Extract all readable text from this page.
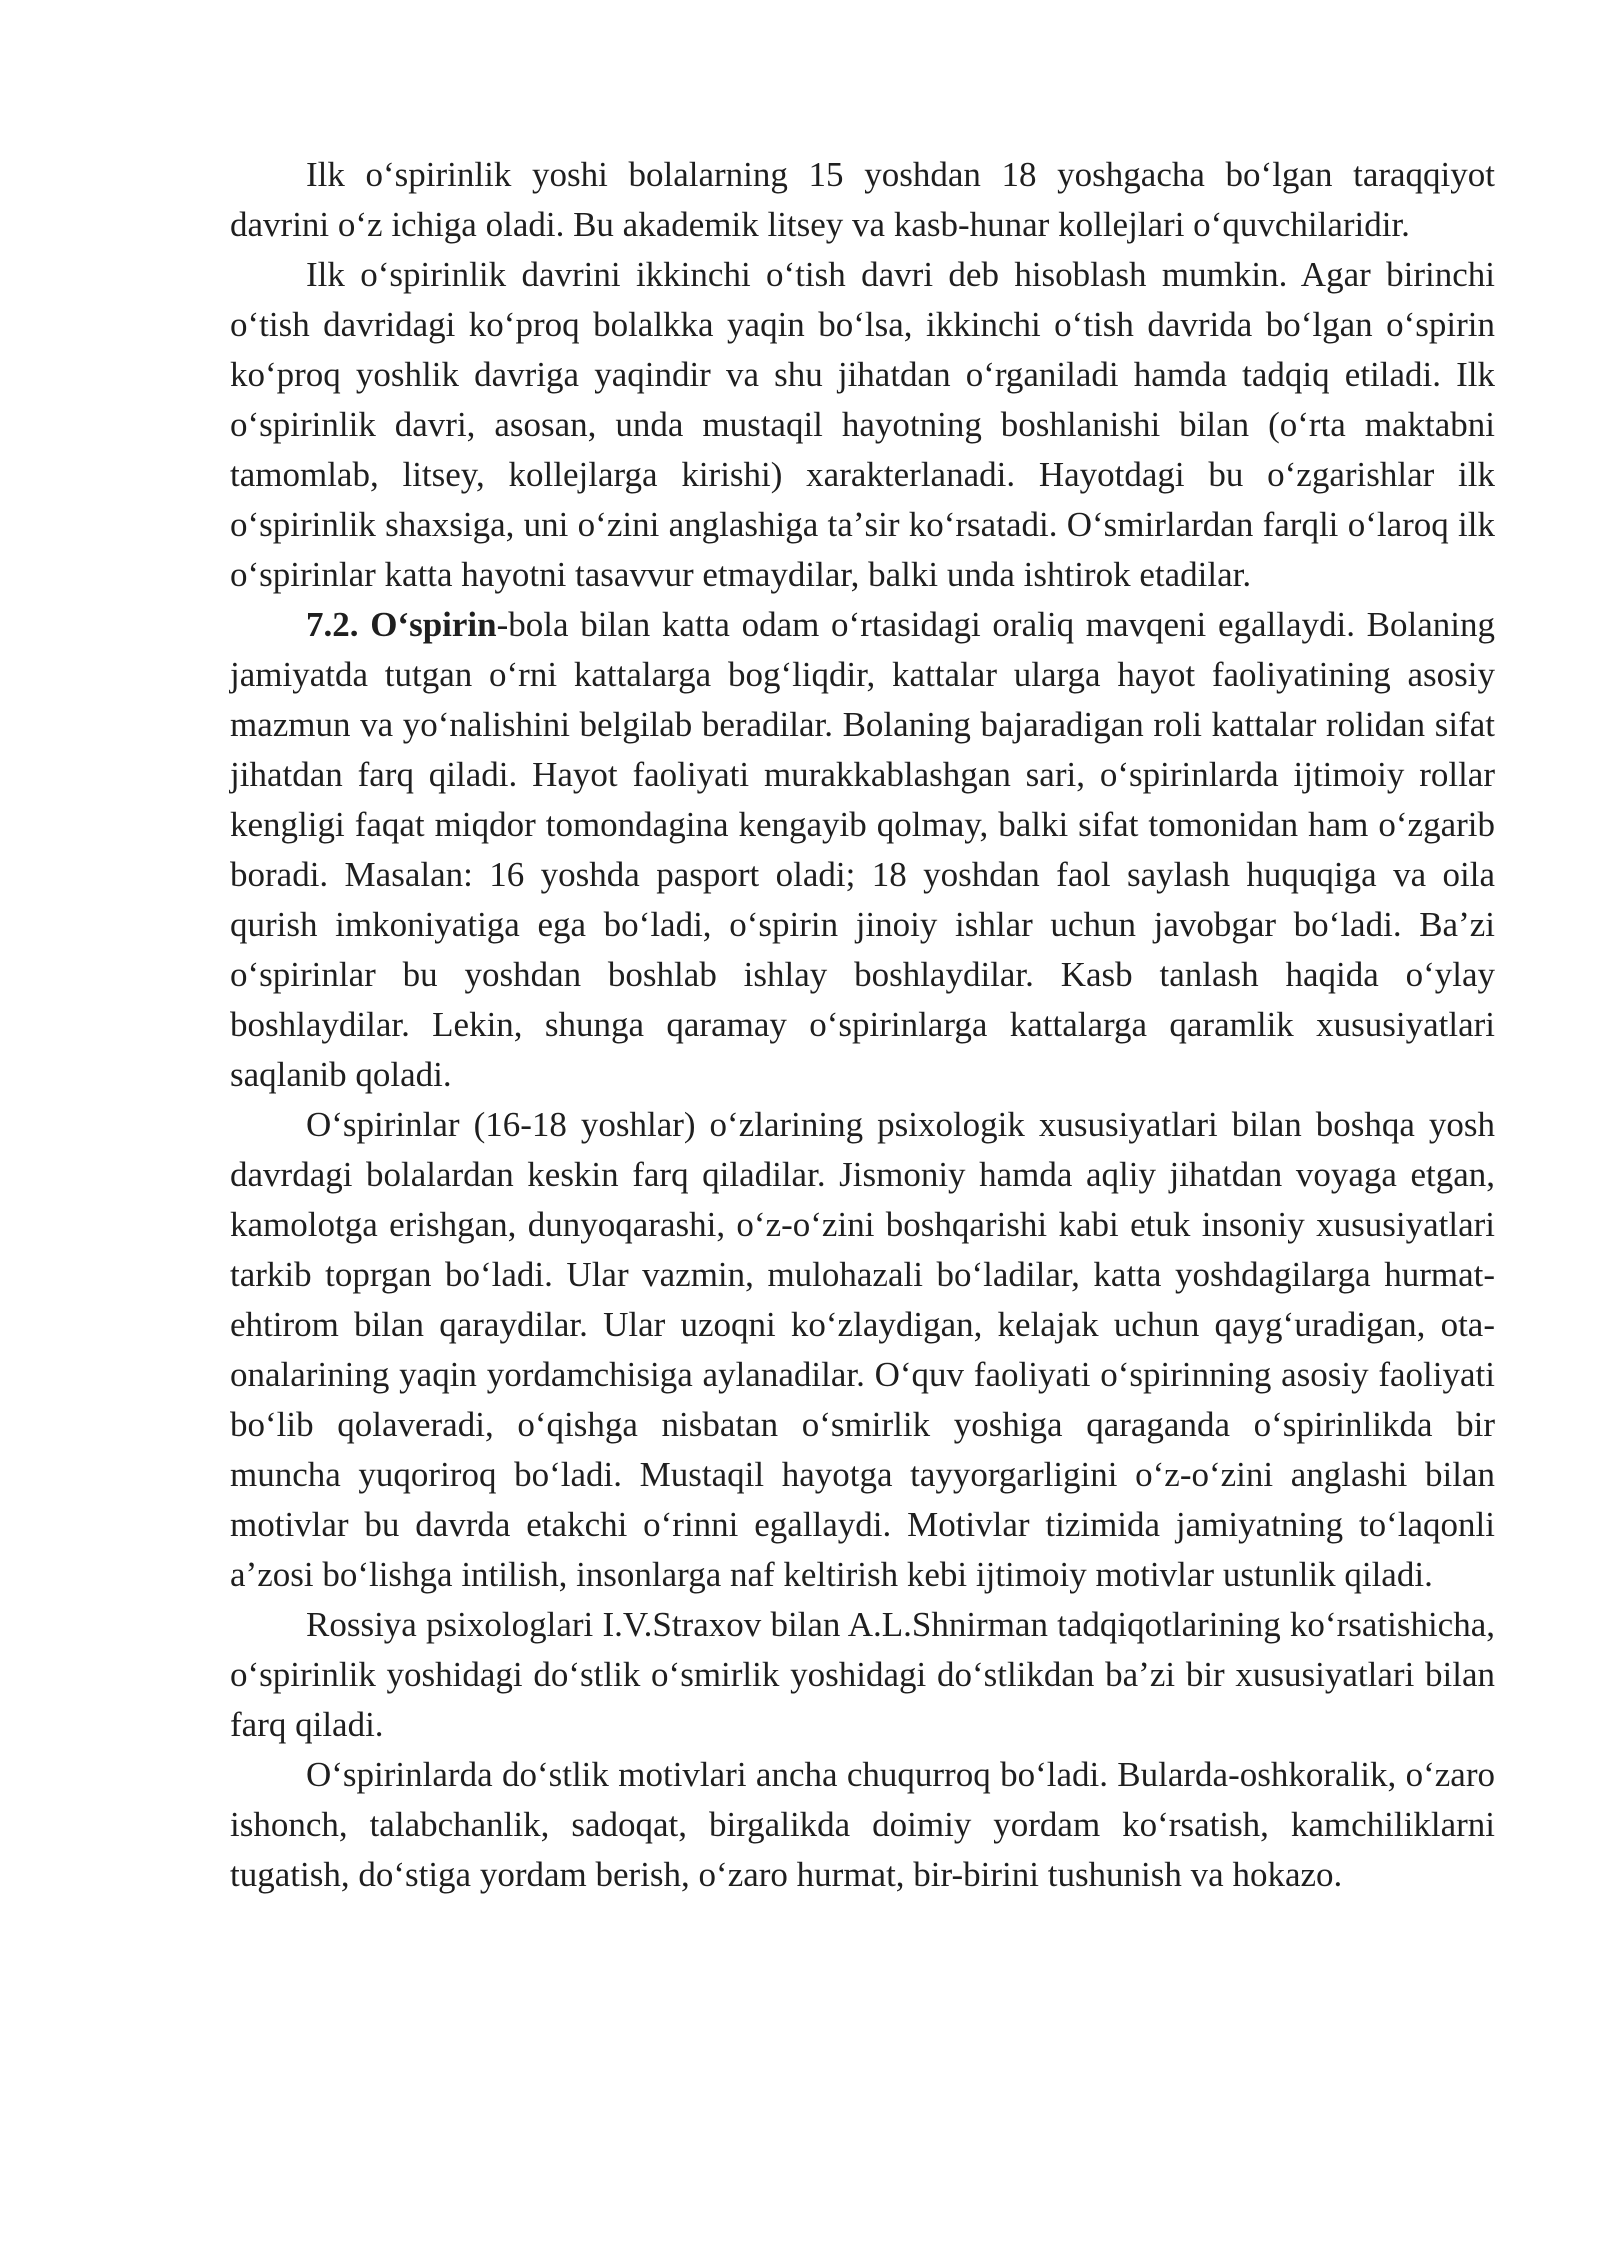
Ilk oʻspirinlik yoshi bolalarning 15 yoshdan 18 yoshgacha boʻlgan taraqqiyot davrini oʻz ichiga oladi. Bu akademik litsey va kasb-hunar kollejlari oʻquvchilaridir.

Ilk oʻspirinlik davrini ikkinchi oʻtish davri deb hisoblash mumkin. Agar birinchi oʻtish davridagi koʻproq bolalkka yaqin boʻlsa, ikkinchi oʻtish davrida boʻlgan oʻspirin koʻproq yoshlik davriga yaqindir va shu jihatdan oʻrganiladi hamda tadqiq etiladi. Ilk oʻspirinlik davri, asosan, unda mustaqil hayotning boshlanishi bilan (oʻrta maktabni tamomlab, litsey, kollejlarga kirishi) xarakterlanadi. Hayotdagi bu oʻzgarishlar ilk oʻspirinlik shaxsiga, uni oʻzini anglashiga taʼsir koʻrsatadi. Oʻsmirlardan farqli oʻlaroq ilk oʻspirinlar katta hayotni tasavvur etmaydilar, balki unda ishtirok etadilar.

7.2. Oʻspirin-bola bilan katta odam oʻrtasidagi oraliq mavqeni egallaydi. Bolaning jamiyatda tutgan oʻrni kattalarga bogʻliqdir, kattalar ularga hayot faoliyatining asosiy mazmun va yoʻnalishini belgilab beradilar. Bolaning bajaradigan roli kattalar rolidan sifat jihatdan farq qiladi. Hayot faoliyati murakkablashgan sari, oʻspirinlarda ijtimoiy rollar kengligi faqat miqdor tomondagina kengayib qolmay, balki sifat tomonidan ham oʻzgarib boradi. Masalan: 16 yoshda pasport oladi; 18 yoshdan faol saylash huquqiga va oila qurish imkoniyatiga ega boʻladi, oʻspirin jinoiy ishlar uchun javobgar boʻladi. Baʼzi oʻspirinlar bu yoshdan boshlab ishlay boshlaydilar. Kasb tanlash haqida oʻylay boshlaydilar. Lekin, shunga qaramay oʻspirinlarga kattalarga qaramlik xususiyatlari saqlanib qoladi.

Oʻspirinlar (16-18 yoshlar) oʻzlarining psixologik xususiyatlari bilan boshqa yosh davrdagi bolalardan keskin farq qiladilar. Jismoniy hamda aqliy jihatdan voyaga etgan, kamolotga erishgan, dunyoqarashi, oʻz-oʻzini boshqarishi kabi etuk insoniy xususiyatlari tarkib toprgan boʻladi. Ular vazmin, mulohazali boʻladilar, katta yoshdagilarga hurmat-ehtirom bilan qaraydilar. Ular uzoqni koʻzlaydigan, kelajak uchun qaygʻuradigan, ota-onalarining yaqin yordamchisiga aylanadilar. Oʻquv faoliyati oʻspirinning asosiy faoliyati boʻlib qolaveradi, oʻqishga nisbatan oʻsmirlik yoshiga qaraganda oʻspirinlikda bir muncha yuqoriroq boʻladi. Mustaqil hayotga tayyorgarligini oʻz-oʻzini anglashi bilan motivlar bu davrda etakchi oʻrinni egallaydi. Motivlar tizimida jamiyatning toʻlaqonli aʼzosi boʻlishga intilish, insonlarga naf keltirish kebi ijtimoiy motivlar ustunlik qiladi.

Rossiya psixologlari I.V.Straxov bilan A.L.Shnirman tadqiqotlarining koʻrsatishicha, oʻspirinlik yoshidagi doʻstlik oʻsmirlik yoshidagi doʻstlikdan baʼzi bir xususiyatlari bilan farq qiladi.

Oʻspirinlarda doʻstlik motivlari ancha chuqurroq boʻladi. Bularda-oshkoralik, oʻzaro ishonch, talabchanlik, sadoqat, birgalikda doimiy yordam koʻrsatish, kamchiliklarni tugatish, doʻstiga yordam berish, oʻzaro hurmat, bir-birini tushunish va hokazo.
